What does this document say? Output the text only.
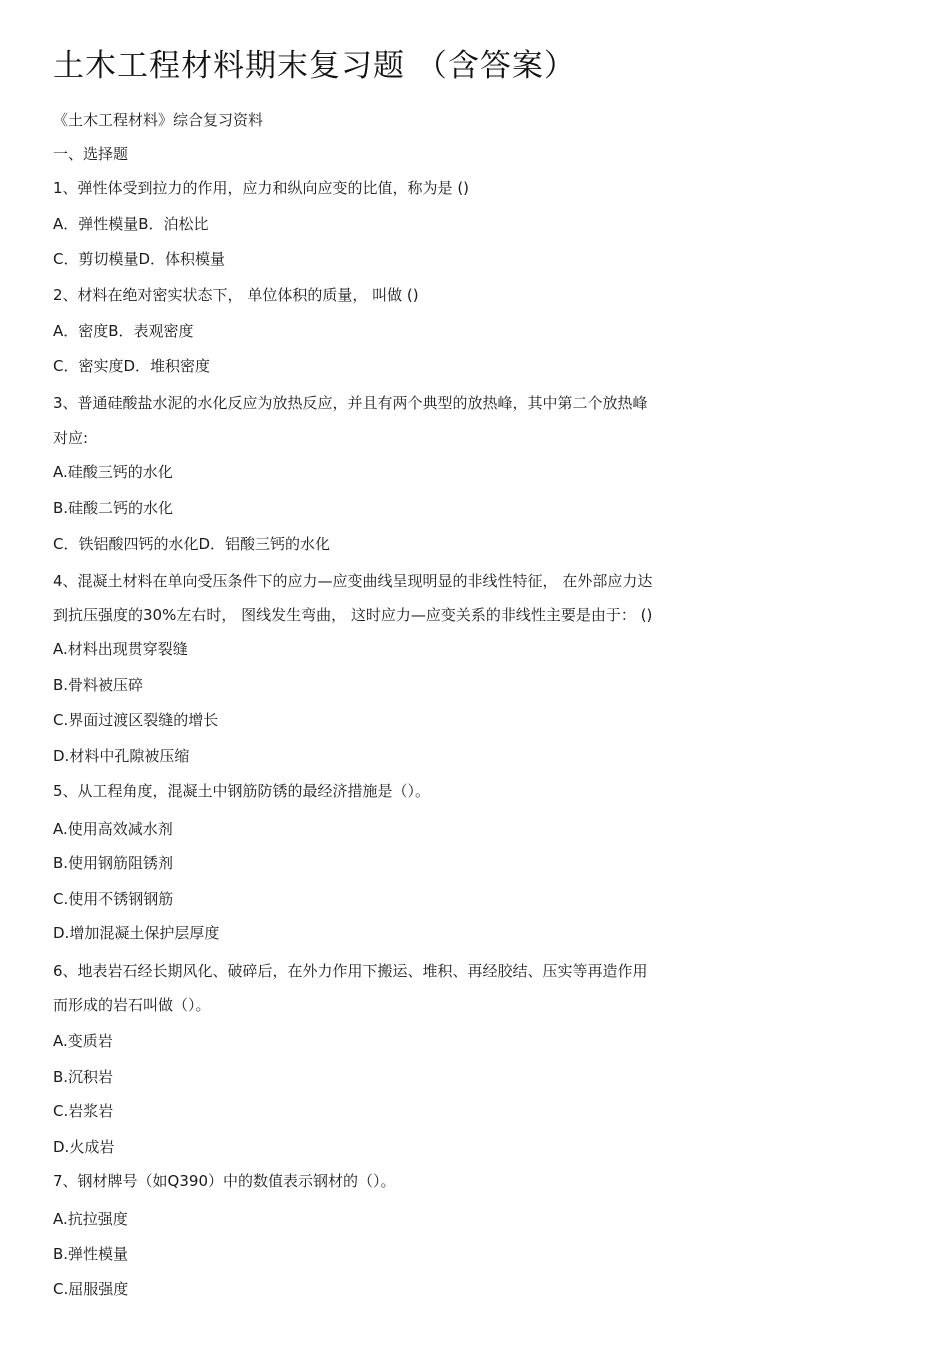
土木工程材料期末复习题 （含答案）
《土木工程材料》综合复习资料
一、选择题
1、弹性体受到拉力的作用，应力和纵向应变的比值，称为是 ()
A．弹性模量B．泊松比
C．剪切模量D．体积模量
2、材料在绝对密实状态下， 单位体积的质量， 叫做 ()
A．密度B．表观密度
C．密实度D．堆积密度
3、普通硅酸盐水泥的水化反应为放热反应，并且有两个典型的放热峰，其中第二个放热峰
对应:
A.硅酸三钙的水化
B.硅酸二钙的水化
C．铁铝酸四钙的水化D．铝酸三钙的水化
4、混凝土材料在单向受压条件下的应力—应变曲线呈现明显的非线性特征， 在外部应力达
到抗压强度的30%左右时， 图线发生弯曲， 这时应力—应变关系的非线性主要是由于： ()
A.材料出现贯穿裂缝
B.骨料被压碎
C.界面过渡区裂缝的增长
D.材料中孔隙被压缩
5、从工程角度，混凝土中钢筋防锈的最经济措施是（）。
A.使用高效减水剂
B.使用钢筋阻锈剂
C.使用不锈钢钢筋
D.增加混凝土保护层厚度
6、地表岩石经长期风化、破碎后，在外力作用下搬运、堆积、再经胶结、压实等再造作用
而形成的岩石叫做（）。
A.变质岩
B.沉积岩
C.岩浆岩
D.火成岩
7、钢材牌号（如Q390）中的数值表示钢材的（）。
A.抗拉强度
B.弹性模量
C.屈服强度
